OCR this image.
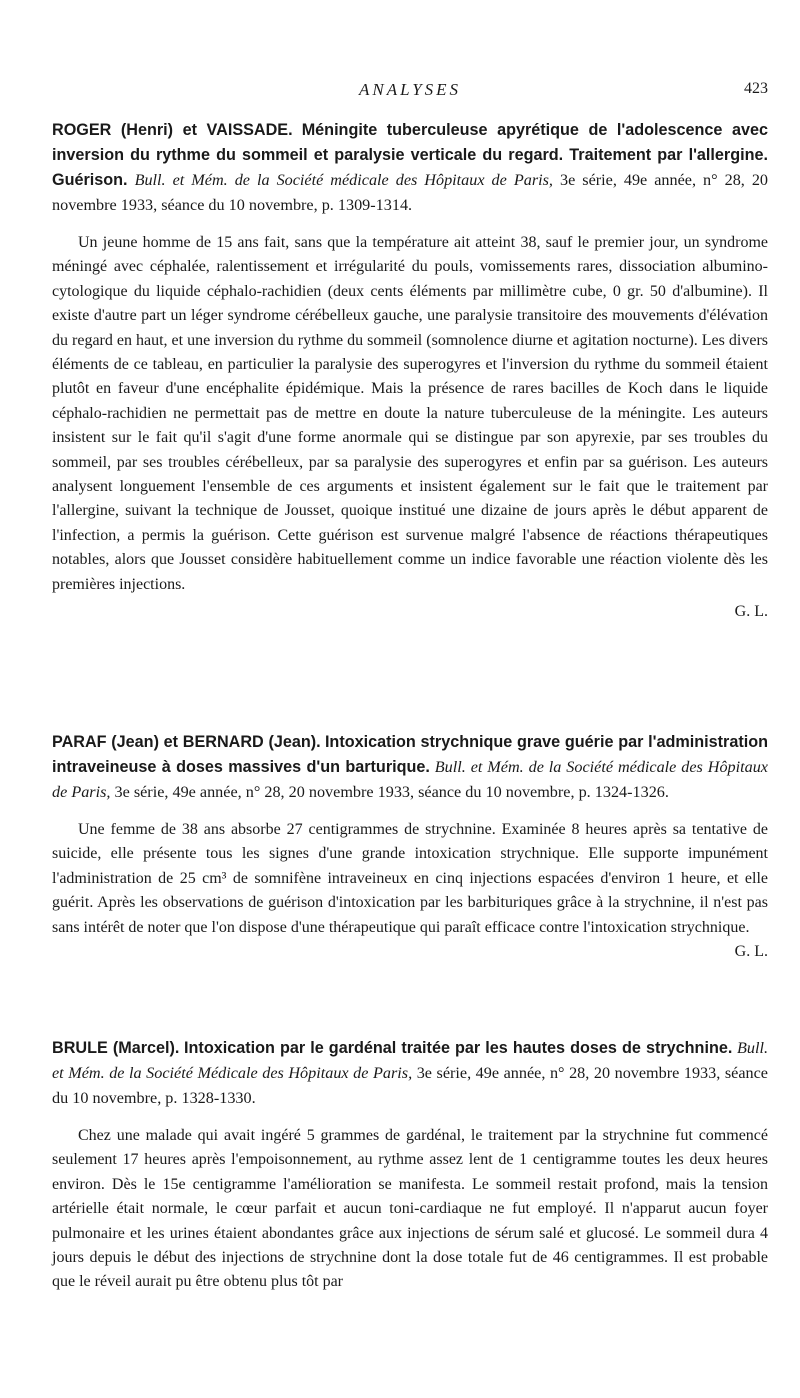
ANALYSES	423

ROGER (Henri) et VAISSADE. Méningite tuberculeuse apyrétique de l'adolescence avec inversion du rythme du sommeil et paralysie verticale du regard. Traitement par l'allergine. Guérison. Bull. et Mém. de la Société médicale des Hôpitaux de Paris, 3e série, 49e année, n° 28, 20 novembre 1933, séance du 10 novembre, p. 1309-1314.

Un jeune homme de 15 ans fait, sans que la température ait atteint 38, sauf le premier jour, un syndrome méningé avec céphalée, ralentissement et irrégularité du pouls, vomissements rares, dissociation albumino-cytologique du liquide céphalo-rachidien (deux cents éléments par millimètre cube, 0 gr. 50 d'albumine). Il existe d'autre part un léger syndrome cérébelleux gauche, une paralysie transitoire des mouvements d'élévation du regard en haut, et une inversion du rythme du sommeil (somnolence diurne et agitation nocturne). Les divers éléments de ce tableau, en particulier la paralysie des superogyres et l'inversion du rythme du sommeil étaient plutôt en faveur d'une encéphalite épidémique. Mais la présence de rares bacilles de Koch dans le liquide céphalo-rachidien ne permettait pas de mettre en doute la nature tuberculeuse de la méningite. Les auteurs insistent sur le fait qu'il s'agit d'une forme anormale qui se distingue par son apyrexie, par ses troubles du sommeil, par ses troubles cérébelleux, par sa paralysie des superogyres et enfin par sa guérison. Les auteurs analysent longuement l'ensemble de ces arguments et insistent également sur le fait que le traitement par l'allergine, suivant la technique de Jousset, quoique institué une dizaine de jours après le début apparent de l'infection, a permis la guérison. Cette guérison est survenue malgré l'absence de réactions thérapeutiques notables, alors que Jousset considère habituellement comme un indice favorable une réaction violente dès les premières injections.

G. L.

PARAF (Jean) et BERNARD (Jean). Intoxication strychnique grave guérie par l'administration intraveineuse à doses massives d'un barturique. Bull. et Mém. de la Société médicale des Hôpitaux de Paris, 3e série, 49e année, n° 28, 20 novembre 1933, séance du 10 novembre, p. 1324-1326.

Une femme de 38 ans absorbe 27 centigrammes de strychnine. Examinée 8 heures après sa tentative de suicide, elle présente tous les signes d'une grande intoxication strychnique. Elle supporte impunément l'administration de 25 cm³ de somnifène intraveineux en cinq injections espacées d'environ 1 heure, et elle guérit. Après les observations de guérison d'intoxication par les barbituriques grâce à la strychnine, il n'est pas sans intérêt de noter que l'on dispose d'une thérapeutique qui paraît efficace contre l'intoxication strychnique.
G. L.

BRULE (Marcel). Intoxication par le gardénal traitée par les hautes doses de strychnine. Bull. et Mém. de la Société Médicale des Hôpitaux de Paris, 3e série, 49e année, n° 28, 20 novembre 1933, séance du 10 novembre, p. 1328-1330.

Chez une malade qui avait ingéré 5 grammes de gardénal, le traitement par la strychnine fut commencé seulement 17 heures après l'empoisonnement, au rythme assez lent de 1 centigramme toutes les deux heures environ. Dès le 15e centigramme l'amélioration se manifesta. Le sommeil restait profond, mais la tension artérielle était normale, le cœur parfait et aucun toni-cardiaque ne fut employé. Il n'apparut aucun foyer pulmonaire et les urines étaient abondantes grâce aux injections de sérum salé et glucosé. Le sommeil dura 4 jours depuis le début des injections de strychnine dont la dose totale fut de 46 centigrammes. Il est probable que le réveil aurait pu être obtenu plus tôt par
